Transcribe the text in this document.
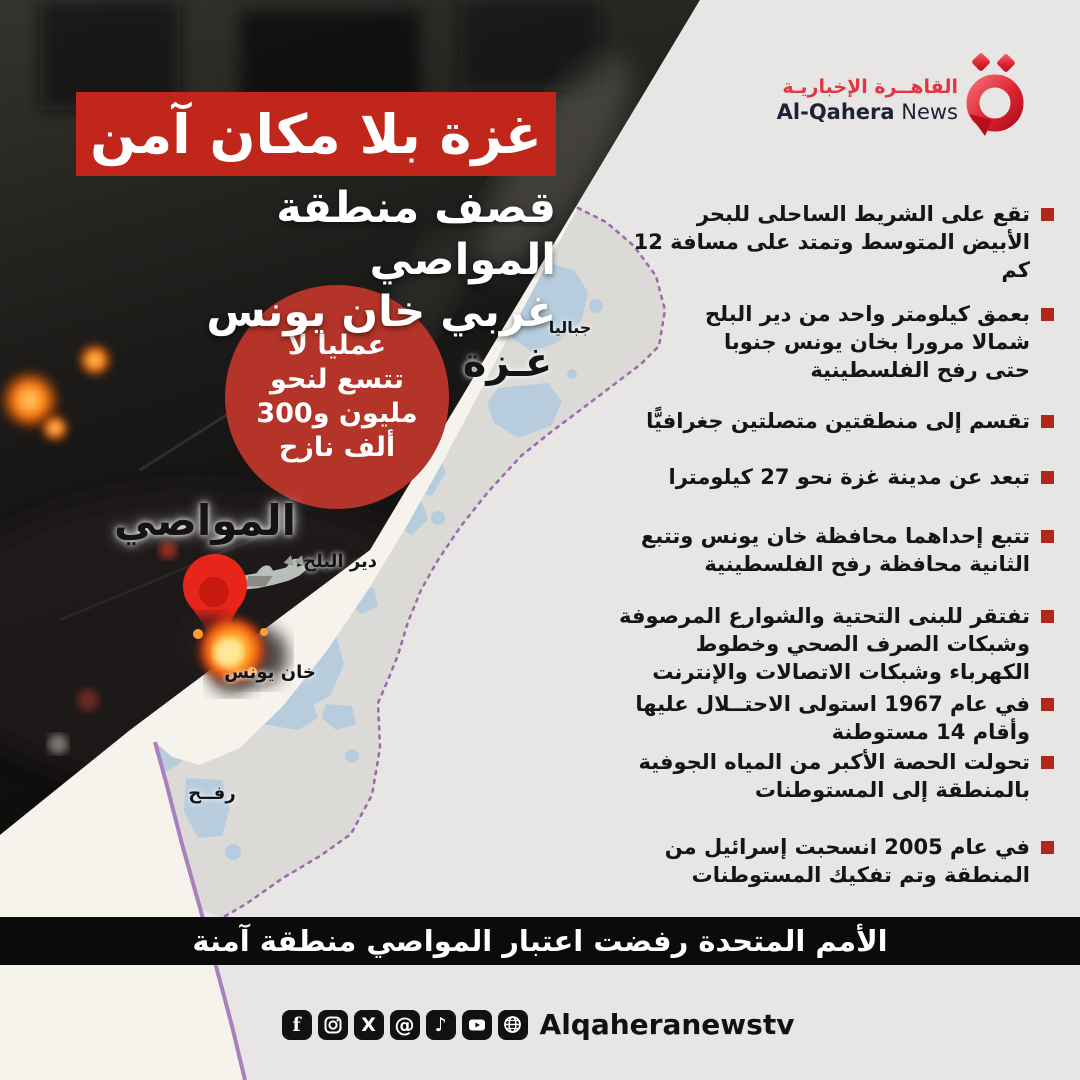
غزة بلا مكان آمن
قصف منطقة المواصي
غربي خان يونس
القاهــرة الإخباريـة
Al-Qahera News
عمليا لا
تتسع لنحو
مليون و300
ألف نازح
جباليا
غـزة
دير البلح
خان يونس
رفــح
المواصي
تقع على الشريط الساحلى للبحر الأبيض المتوسط وتمتد على مسافة 12 كم
بعمق كيلومتر واحد من دير البلح شمالا مرورا بخان يونس جنوبا حتى رفح الفلسطينية
تقسم إلى منطقتين متصلتين جغرافيًّا
تبعد عن مدينة غزة نحو 27 كيلومترا
تتبع إحداهما محافظة خان يونس وتتبع الثانية محافظة رفح الفلسطينية
تفتقر للبنى التحتية والشوارع المرصوفة وشبكات الصرف الصحي وخطوط الكهرباء وشبكات الاتصالات والإنترنت
في عام 1967 استولى الاحتــلال عليها وأقام 14 مستوطنة
تحولت الحصة الأكبر من المياه الجوفية بالمنطقة إلى المستوطنات
في عام 2005 انسحبت إسرائيل من المنطقة وتم تفكيك المستوطنات
الأمم المتحدة رفضت اعتبار المواصي منطقة آمنة
f	X @	♪	Alqaheranewstv
